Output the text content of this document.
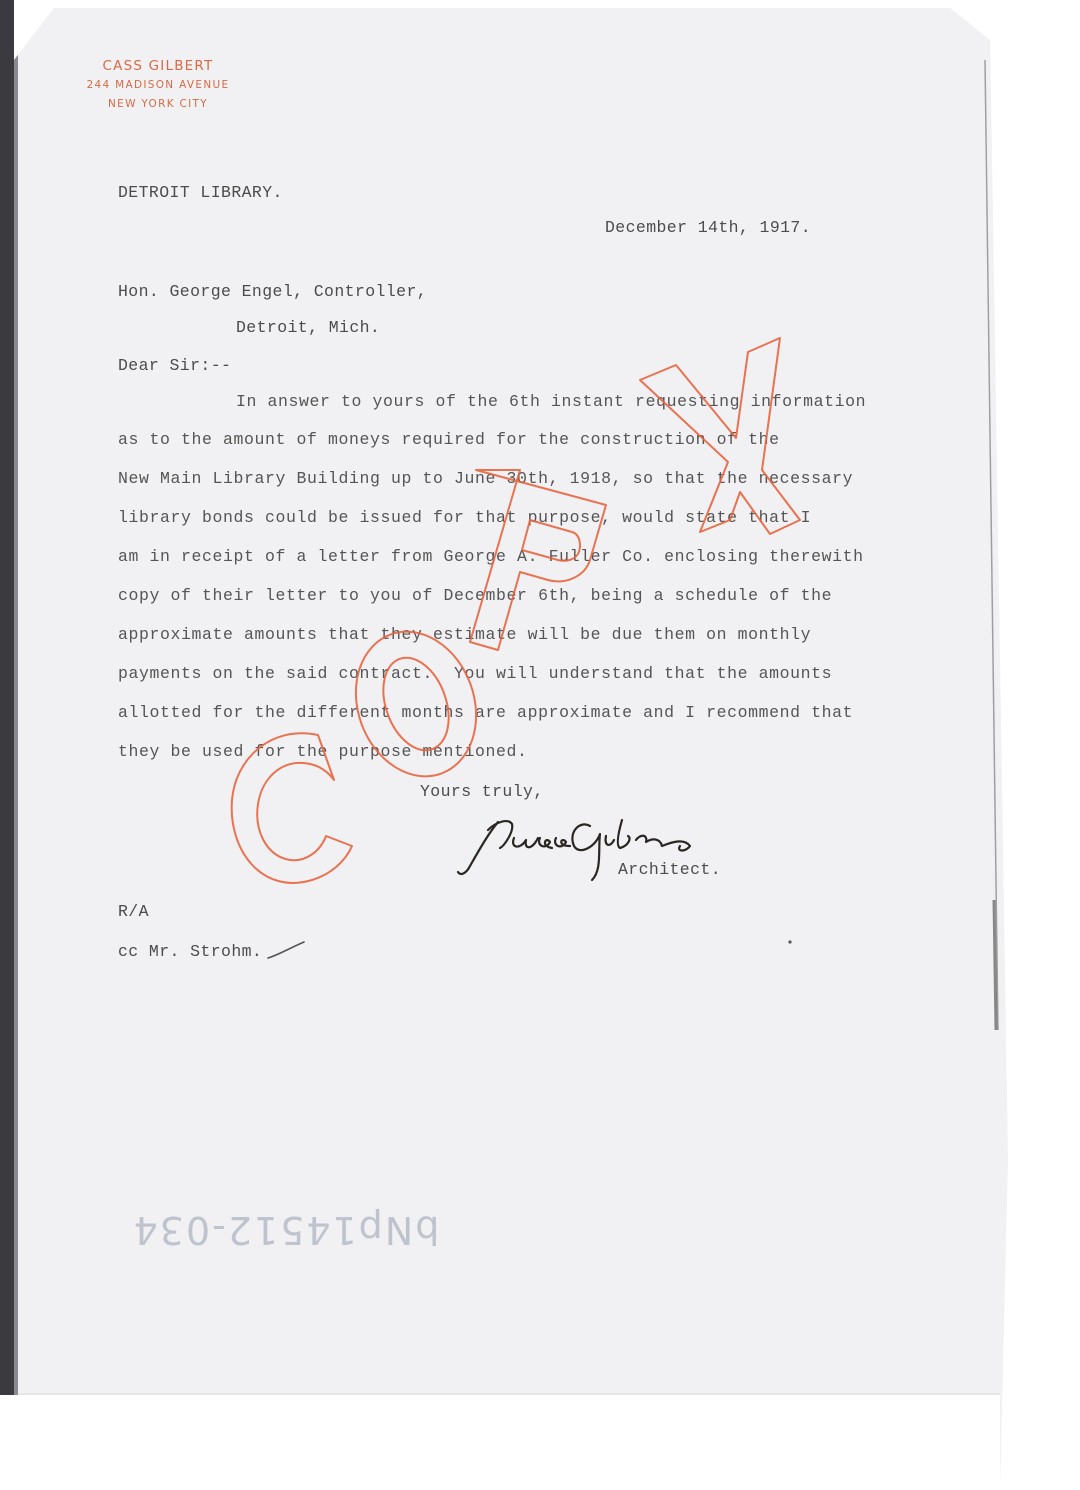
CASS GILBERT
244 MADISON AVENUE
NEW YORK CITY
DETROIT LIBRARY.
December 14th, 1917.
Hon. George Engel, Controller,
Detroit, Mich.
Dear Sir:--
In answer to yours of the 6th instant requesting information
as to the amount of moneys required for the construction of the
New Main Library Building up to June 30th, 1918, so that the necessary
library bonds could be issued for that purpose, would state that I
am in receipt of a letter from George A. Fuller Co. enclosing therewith
copy of their letter to you of December 6th, being a schedule of the
approximate amounts that they estimate will be due them on monthly
payments on the said contract.  You will understand that the amounts
allotted for the different months are approximate and I recommend that
they be used for the purpose mentioned.
Yours truly,
Architect.
R/A
cc Mr. Strohm.
bNp14512-034
